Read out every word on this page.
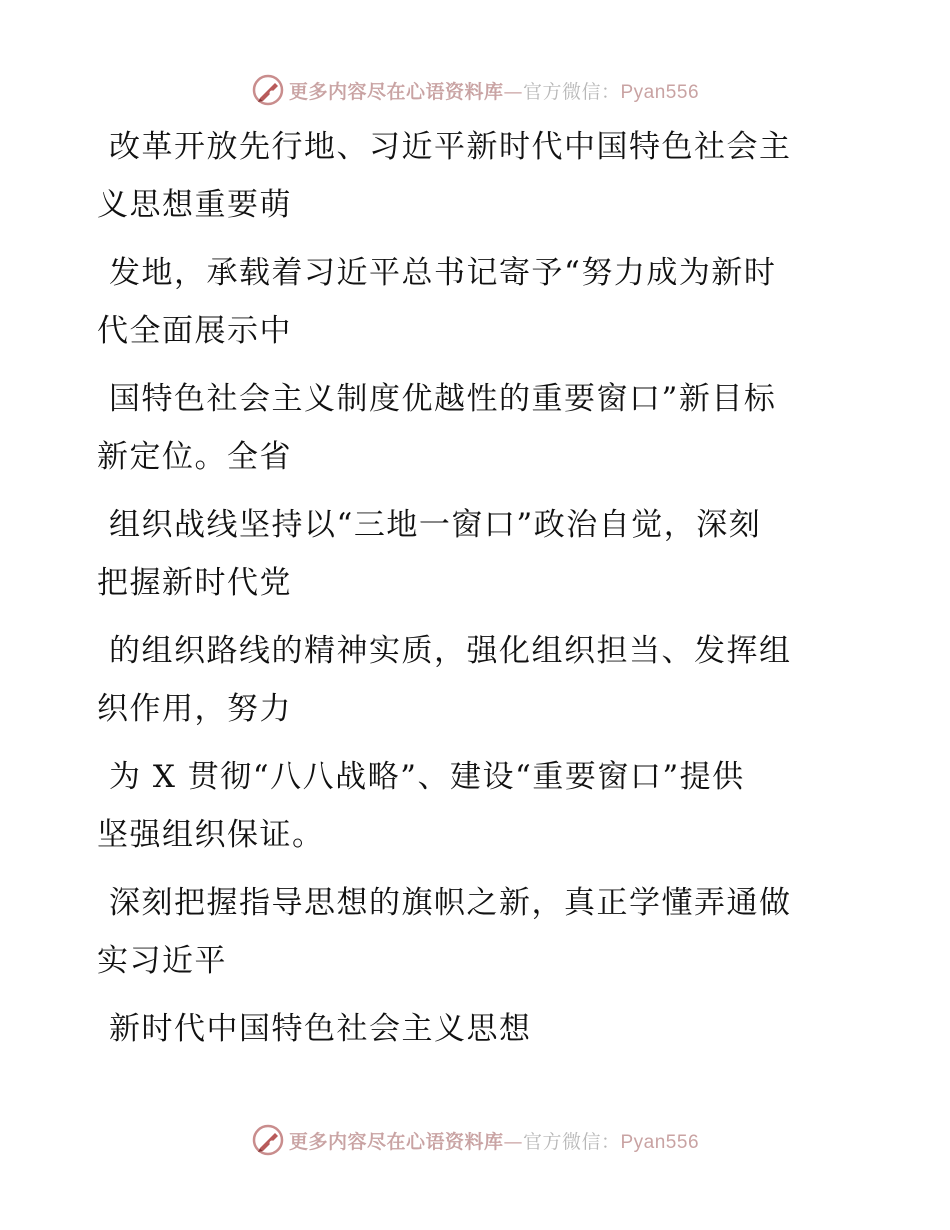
更多内容尽在心语资料库—官方微信：Pyan556

改革开放先行地、习近平新时代中国特色社会主
义思想重要萌

发地，承载着习近平总书记寄予“努力成为新时
代全面展示中

国特色社会主义制度优越性的重要窗口”新目标
新定位。全省

组织战线坚持以“三地一窗口”政治自觉，深刻
把握新时代党

的组织路线的精神实质，强化组织担当、发挥组
织作用，努力

为 X 贯彻“八八战略”、建设“重要窗口”提供
坚强组织保证。

深刻把握指导思想的旗帜之新，真正学懂弄通做
实习近平

新时代中国特色社会主义思想

更多内容尽在心语资料库—官方微信：Pyan556
